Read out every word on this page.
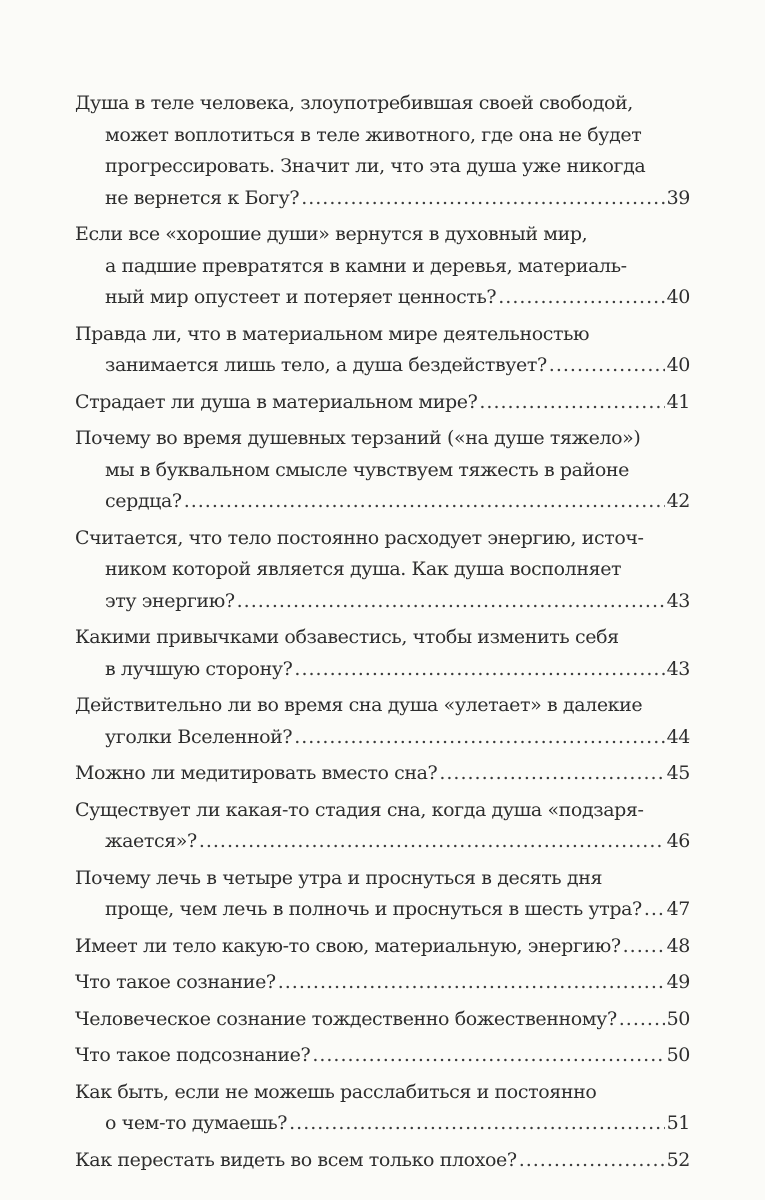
Душа в теле человека, злоупотребившая своей свободой,
может воплотиться в теле животного, где она не будет
прогрессировать. Значит ли, что эта душа уже никогда
не вернется к Богу? .....	39
Если все «хорошие души» вернутся в духовный мир,
а падшие превратятся в камни и деревья, материаль-
ный мир опустеет и потеряет ценность? .....	40
Правда ли, что в материальном мире деятельностью
занимается лишь тело, а душа бездействует? .....	40
Страдает ли душа в материальном мире? .....	41
Почему во время душевных терзаний («на душе тяжело»)
мы в буквальном смысле чувствуем тяжесть в районе
сердца? .....	42
Считается, что тело постоянно расходует энергию, источ-
ником которой является душа. Как душа восполняет
эту энергию? .....	43
Какими привычками обзавестись, чтобы изменить себя
в лучшую сторону? .....	43
Действительно ли во время сна душа «улетает» в далекие
уголки Вселенной? .....	44
Можно ли медитировать вместо сна? .....	45
Существует ли какая-то стадия сна, когда душа «подзаря-
жается»? .....	46
Почему лечь в четыре утра и проснуться в десять дня
проще, чем лечь в полночь и проснуться в шесть утра? ..... 47
Имеет ли тело какую-то свою, материальную, энергию? ..... 48
Что такое сознание? .....	49
Человеческое сознание тождественно божественному? .....	50
Что такое подсознание? .....	50
Как быть, если не можешь расслабиться и постоянно
о чем-то думаешь? .....	51
Как перестать видеть во всем только плохое? .....	52
